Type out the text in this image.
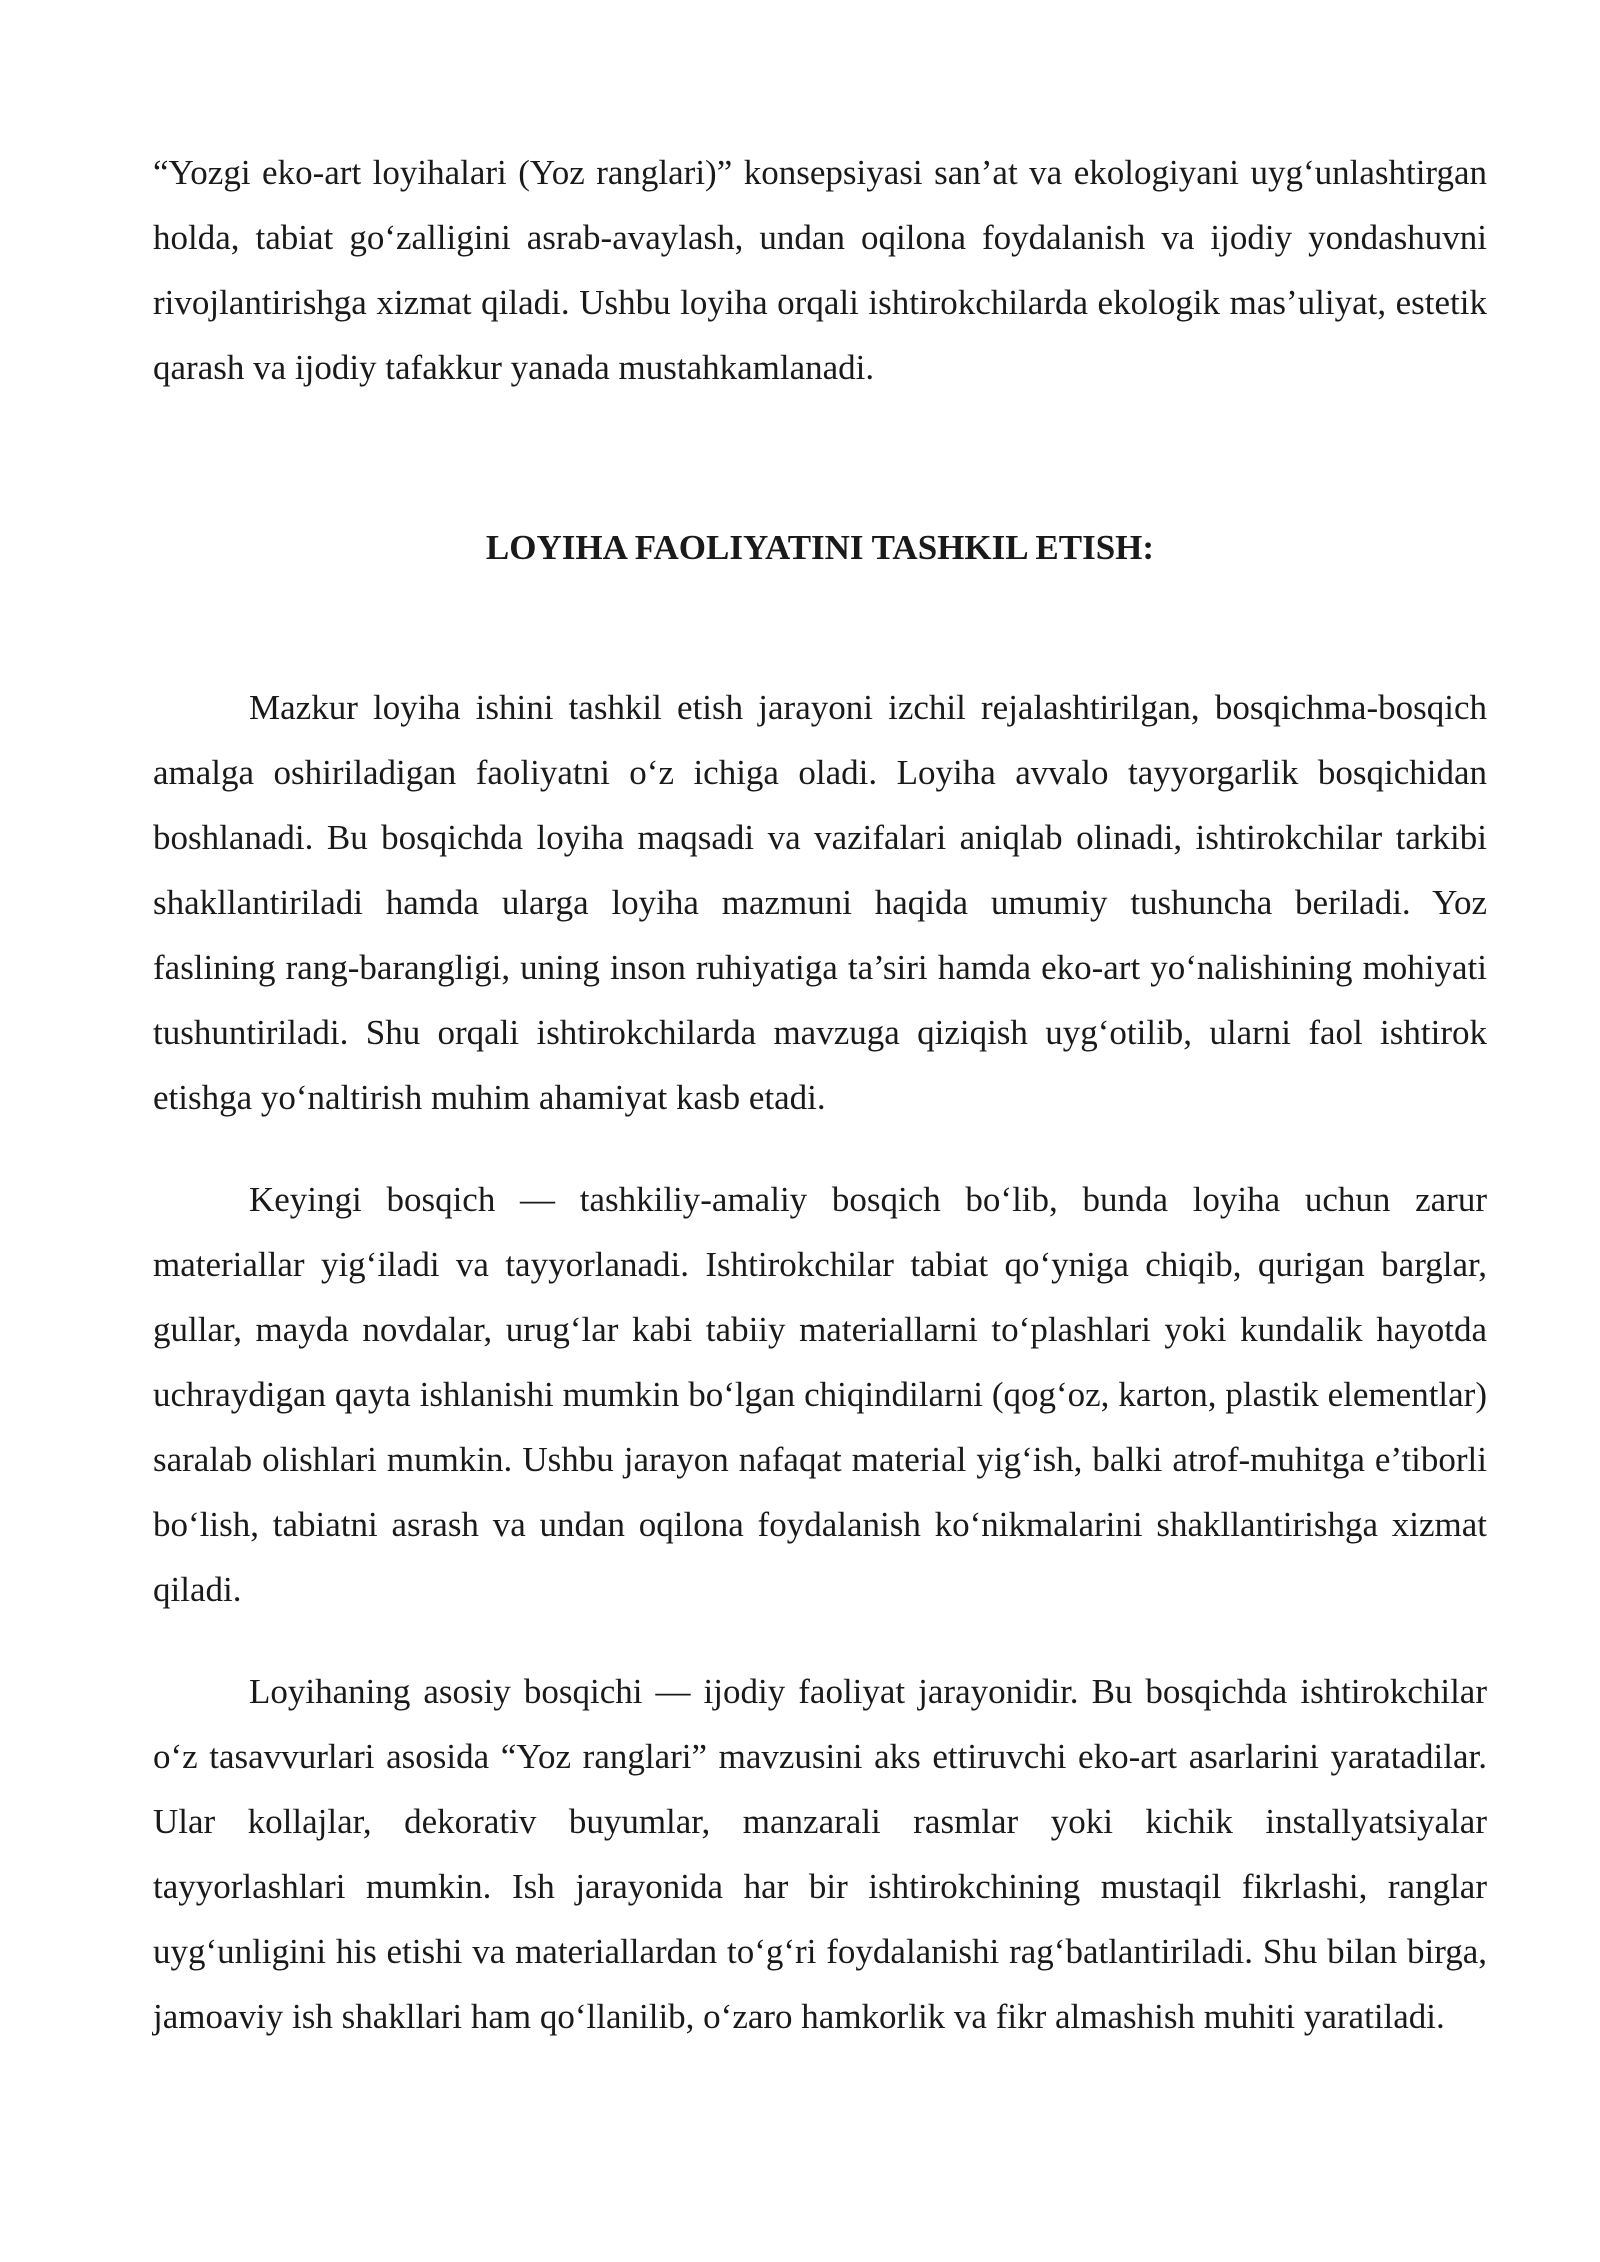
“Yozgi eko-art loyihalari (Yoz ranglari)” konsepsiyasi san’at va ekologiyani uyg‘unlashtirgan holda, tabiat go‘zalligini asrab-avaylash, undan oqilona foydalanish va ijodiy yondashuvni rivojlantirishga xizmat qiladi. Ushbu loyiha orqali ishtirokchilarda ekologik mas’uliyat, estetik qarash va ijodiy tafakkur yanada mustahkamlanadi.

LOYIHA FAOLIYATINI TASHKIL ETISH:

Mazkur loyiha ishini tashkil etish jarayoni izchil rejalashtirilgan, bosqichma-bosqich amalga oshiriladigan faoliyatni o‘z ichiga oladi. Loyiha avvalo tayyorgarlik bosqichidan boshlanadi. Bu bosqichda loyiha maqsadi va vazifalari aniqlab olinadi, ishtirokchilar tarkibi shakllantiriladi hamda ularga loyiha mazmuni haqida umumiy tushuncha beriladi. Yoz faslining rang-barangligi, uning inson ruhiyatiga ta’siri hamda eko-art yo‘nalishining mohiyati tushuntiriladi. Shu orqali ishtirokchilarda mavzuga qiziqish uyg‘otilib, ularni faol ishtirok etishga yo‘naltirish muhim ahamiyat kasb etadi.

Keyingi bosqich — tashkiliy-amaliy bosqich bo‘lib, bunda loyiha uchun zarur materiallar yig‘iladi va tayyorlanadi. Ishtirokchilar tabiat qo‘yniga chiqib, qurigan barglar, gullar, mayda novdalar, urug‘lar kabi tabiiy materiallarni to‘plashlari yoki kundalik hayotda uchraydigan qayta ishlanishi mumkin bo‘lgan chiqindilarni (qog‘oz, karton, plastik elementlar) saralab olishlari mumkin. Ushbu jarayon nafaqat material yig‘ish, balki atrof-muhitga e’tiborli bo‘lish, tabiatni asrash va undan oqilona foydalanish ko‘nikmalarini shakllantirishga xizmat qiladi.

Loyihaning asosiy bosqichi — ijodiy faoliyat jarayonidir. Bu bosqichda ishtirokchilar o‘z tasavvurlari asosida “Yoz ranglari” mavzusini aks ettiruvchi eko-art asarlarini yaratadilar. Ular kollajlar, dekorativ buyumlar, manzarali rasmlar yoki kichik installyatsiyalar tayyorlashlari mumkin. Ish jarayonida har bir ishtirokchining mustaqil fikrlashi, ranglar uyg‘unligini his etishi va materiallardan to‘g‘ri foydalanishi rag‘batlantiriladi. Shu bilan birga, jamoaviy ish shakllari ham qo‘llanilib, o‘zaro hamkorlik va fikr almashish muhiti yaratiladi.
